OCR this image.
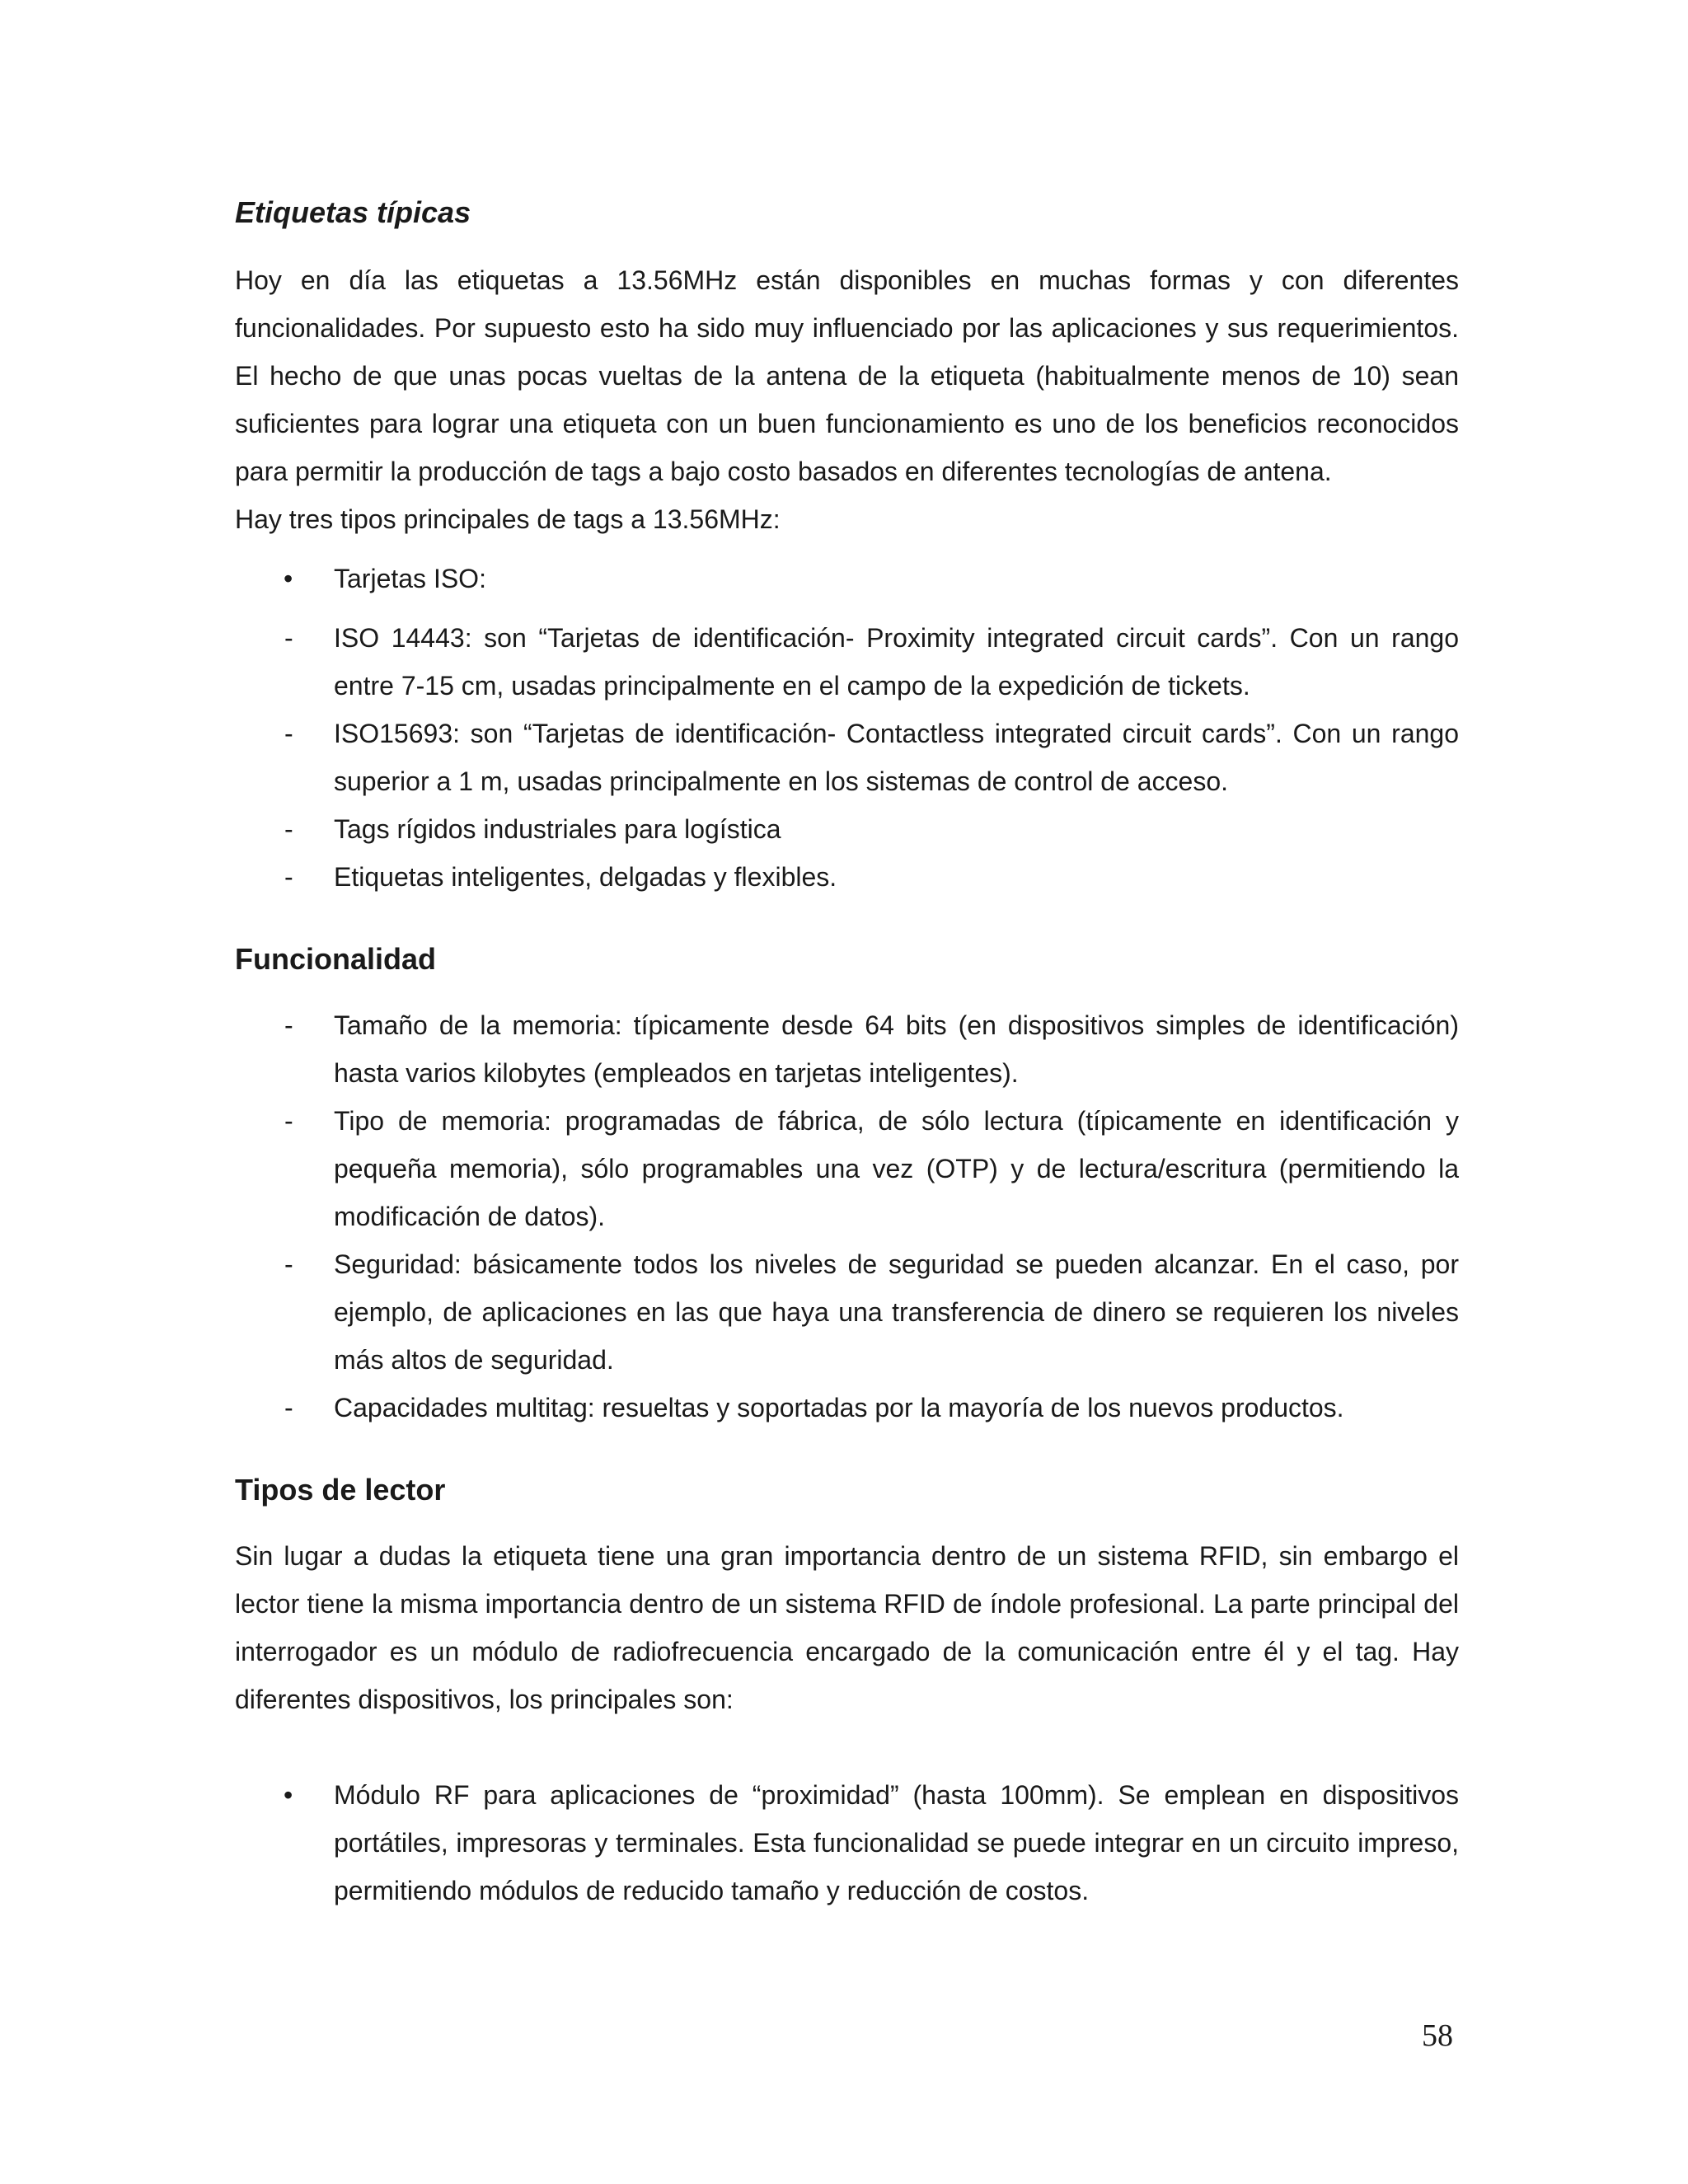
Etiquetas típicas

Hoy en día las etiquetas a 13.56MHz están disponibles en muchas formas y con diferentes funcionalidades. Por supuesto esto ha sido muy influenciado por las aplicaciones y sus requerimientos. El hecho de que unas pocas vueltas de la antena de la etiqueta (habitualmente menos de 10) sean suficientes para lograr una etiqueta con un buen funcionamiento es uno de los beneficios reconocidos para permitir la producción de tags a bajo costo basados en diferentes tecnologías de antena.

Hay tres tipos principales de tags a 13.56MHz:

•	Tarjetas ISO:
-	ISO 14443: son “Tarjetas de identificación- Proximity integrated circuit cards”. Con un rango entre 7-15 cm, usadas principalmente en el campo de la expedición de tickets.
-	ISO15693: son “Tarjetas de identificación- Contactless integrated circuit cards”. Con un rango superior a 1 m, usadas principalmente en los sistemas de control de acceso.
-	Tags rígidos industriales para logística
-	Etiquetas inteligentes, delgadas y flexibles.
Funcionalidad
-	Tamaño de la memoria: típicamente desde 64 bits (en dispositivos simples de identificación) hasta varios kilobytes (empleados en tarjetas inteligentes).
-	Tipo de memoria: programadas de fábrica, de sólo lectura (típicamente en identificación y pequeña memoria), sólo programables una vez (OTP) y de lectura/escritura (permitiendo la modificación de datos).
-	Seguridad: básicamente todos los niveles de seguridad se pueden alcanzar. En el caso, por ejemplo, de aplicaciones en las que haya una transferencia de dinero se requieren los niveles más altos de seguridad.
-	Capacidades multitag: resueltas y soportadas por la mayoría de los nuevos productos.
Tipos de lector

Sin lugar a dudas la etiqueta tiene una gran importancia dentro de un sistema RFID, sin embargo el lector tiene la misma importancia dentro de un sistema RFID de índole profesional. La parte principal del interrogador es un módulo de radiofrecuencia encargado de la comunicación entre él y el tag. Hay diferentes dispositivos, los principales son:

•	Módulo RF para aplicaciones de “proximidad” (hasta 100mm). Se emplean en dispositivos portátiles, impresoras y terminales. Esta funcionalidad se puede integrar en un circuito impreso, permitiendo módulos de reducido tamaño y reducción de costos.
58
